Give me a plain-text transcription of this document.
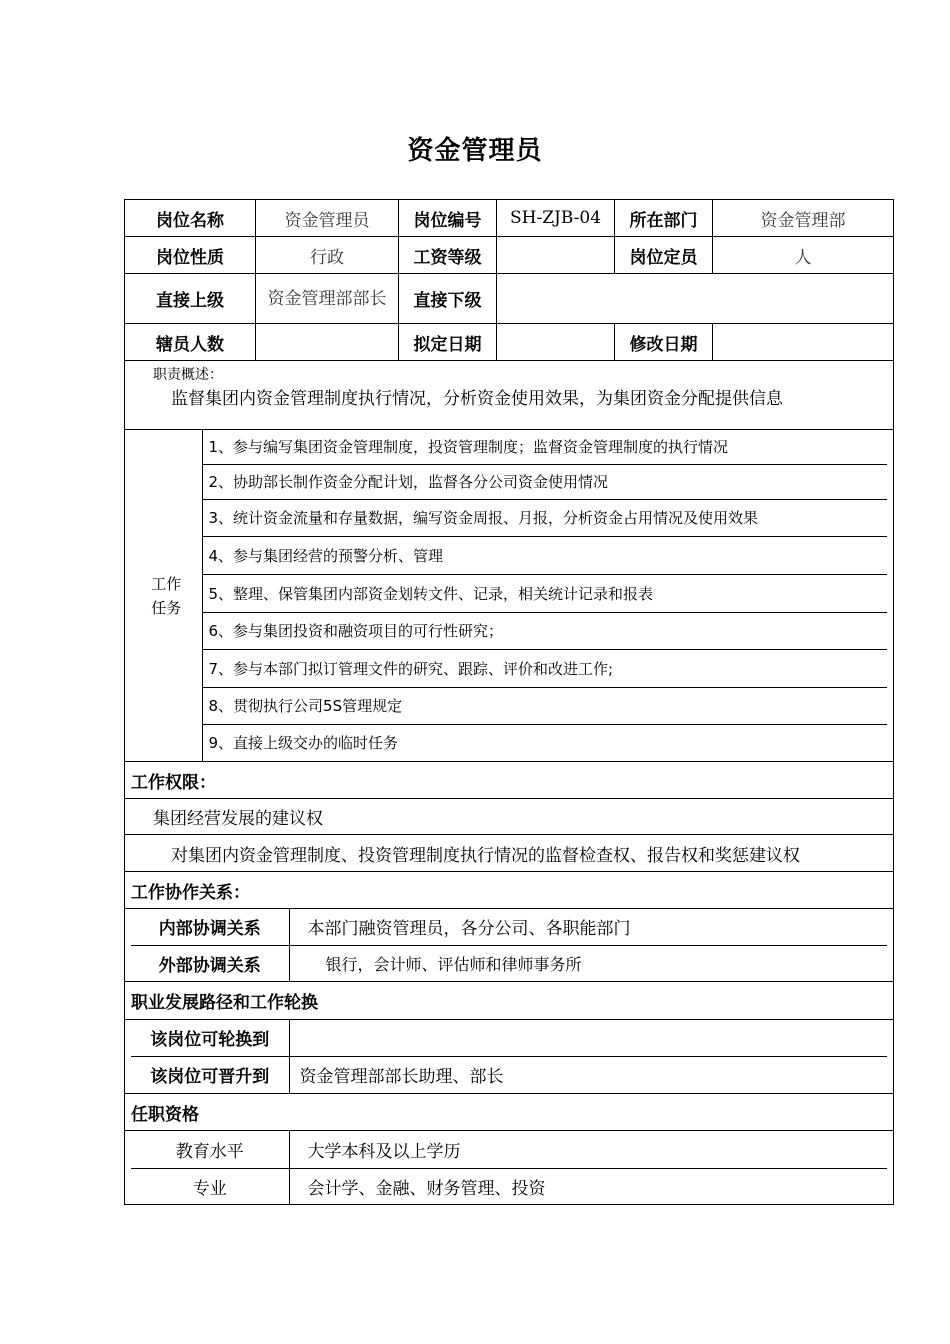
资金管理员
岗位名称	资金管理员	岗位编号	SH-ZJB-04	所在部门	资金管理部
岗位性质	行政	工资等级		岗位定员	人
直接上级	资金管理部部长	直接下级	
辖员人数		拟定日期		修改日期	

职责概述：
监督集团内资金管理制度执行情况，分析资金使用效果，为集团资金分配提供信息

工作任务
	1、参与编写集团资金管理制度，投资管理制度；监督资金管理制度的执行情况
2、协助部长制作资金分配计划，监督各分公司资金使用情况
3、统计资金流量和存量数据，编写资金周报、月报，分析资金占用情况及使用效果
4、参与集团经营的预警分析、管理
5、整理、保管集团内部资金划转文件、记录，相关统计记录和报表
6、参与集团投资和融资项目的可行性研究；
7、参与本部门拟订管理文件的研究、跟踪、评价和改进工作;
8、贯彻执行公司5S管理规定
9、直接上级交办的临时任务

工作权限：
集团经营发展的建议权
对集团内资金管理制度、投资管理制度执行情况的监督检查权、报告权和奖惩建议权
工作协作关系：

内部协调关系	本部门融资管理员，各分公司、各职能部门
外部协调关系	银行，会计师、评估师和律师事务所

职业发展路径和工作轮换

该岗位可轮换到	
该岗位可晋升到	资金管理部部长助理、部长

任职资格

教育水平	大学本科及以上学历
专业	会计学、金融、财务管理、投资
